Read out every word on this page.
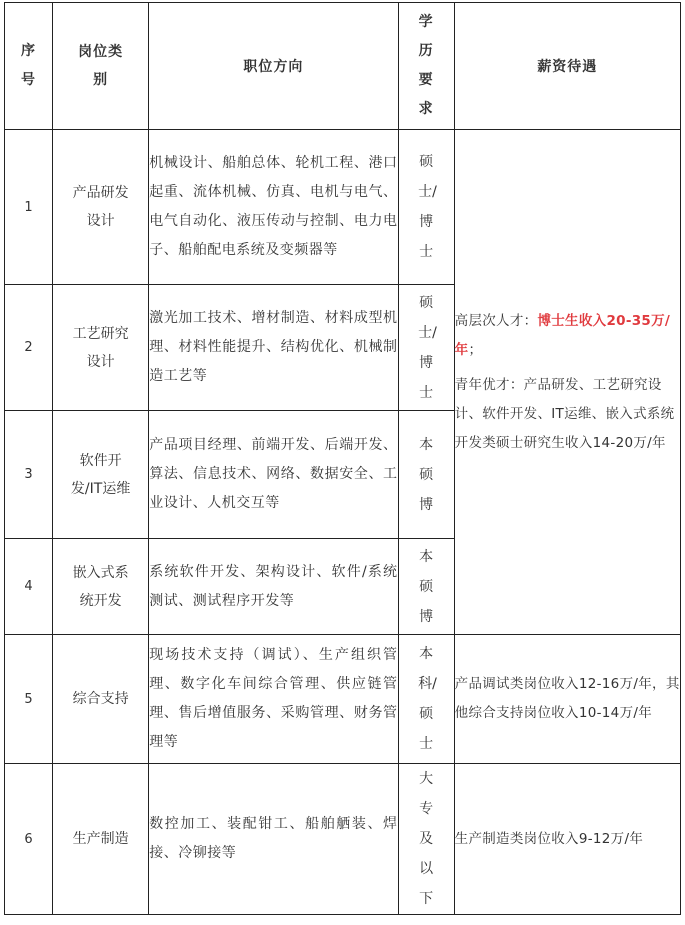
序号	岗位类别	职位方向	学历要求	薪资待遇
1	产品研发设计	机械设计、船舶总体、轮机工程、港口起重、流体机械、仿真、电机与电气、电气自动化、液压传动与控制、电力电子、船舶配电系统及变频器等	硕士/博士	高层次人才：博士生收入20-35万/年；

青年优才：产品研发、工艺研究设计、软件开发、IT运维、嵌入式系统开发类硕士研究生收入14-20万/年

2	工艺研究设计	激光加工技术、增材制造、材料成型机理、材料性能提升、结构优化、机械制造工艺等	硕士/博士	

3	软件开发/IT运维	产品项目经理、前端开发、后端开发、算法、信息技术、网络、数据安全、工业设计、人机交互等	本硕博	

4	嵌入式系统开发	系统软件开发、架构设计、软件/系统测试、测试程序开发等	本硕博	

5	综合支持	现场技术支持（调试）、生产组织管理、数字化车间综合管理、供应链管理、售后增值服务、采购管理、财务管理等	本科/硕士	产品调试类岗位收入12-16万/年，其他综合支持岗位收入10-14万/年
6	生产制造	数控加工、装配钳工、船舶舾装、焊接、冷铆接等	大专及以下	生产制造类岗位收入9-12万/年
